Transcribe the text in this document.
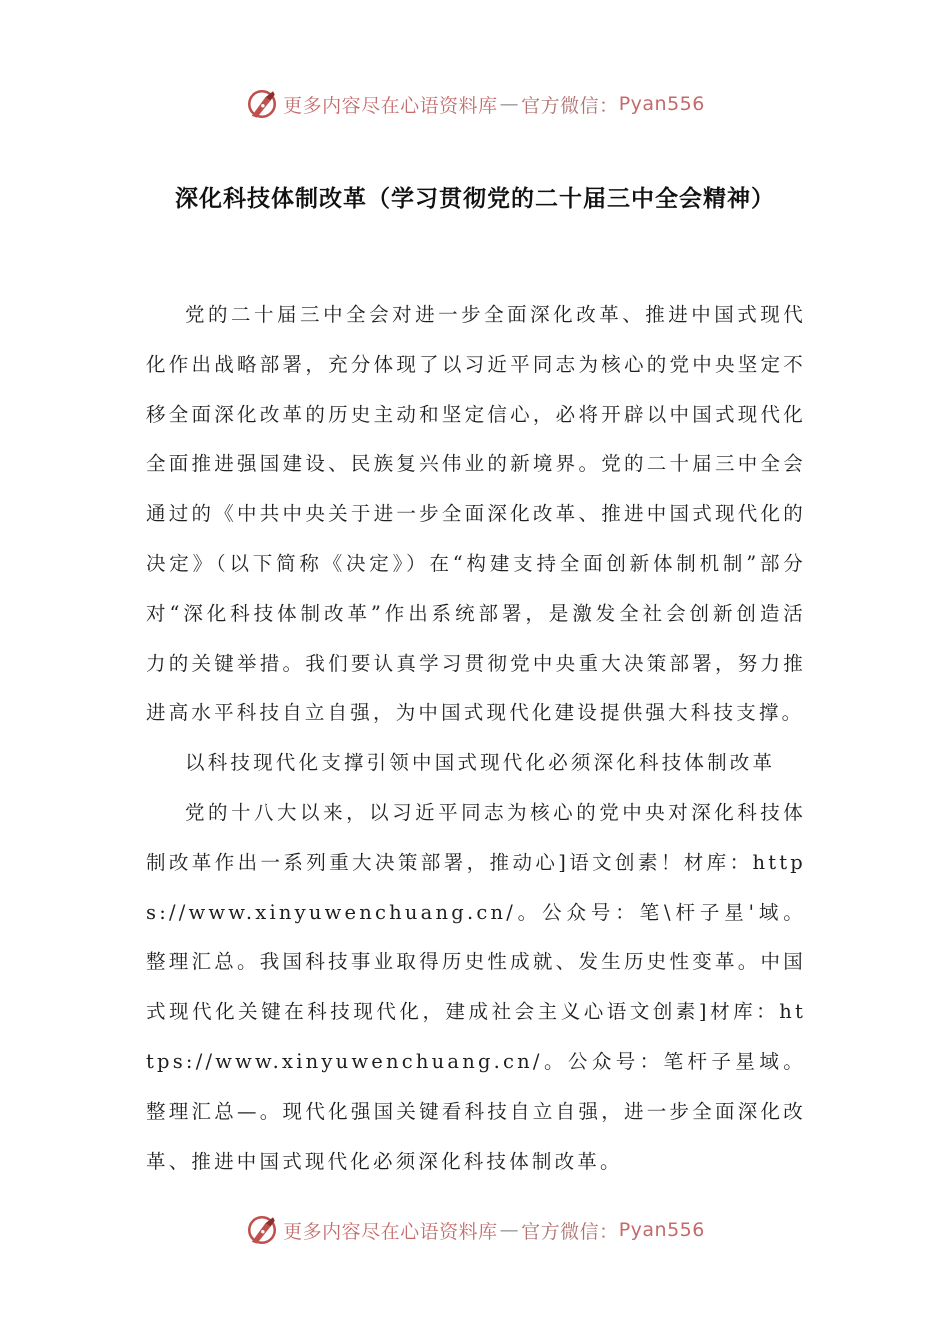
更多内容尽在心语资料库 — 官方微信： Pyan556
深化科技体制改革（学习贯彻党的二十届三中全会精神）

党的二十届三中全会对进一步全面深化改革、推进中国式现代化作出战略部署，充分体现了以习近平同志为核心的党中央坚定不移全面深化改革的历史主动和坚定信心，必将开辟以中国式现代化全面推进强国建设、民族复兴伟业的新境界。党的二十届三中全会通过的《中共中央关于进一步全面深化改革、推进中国式现代化的决定》（以下简称《决定》）在“构建支持全面创新体制机制”部分对“深化科技体制改革”作出系统部署，是激发全社会创新创造活力的关键举措。我们要认真学习贯彻党中央重大决策部署，努力推进高水平科技自立自强，为中国式现代化建设提供强大科技支撑。

以科技现代化支撑引领中国式现代化必须深化科技体制改革

党的十八大以来，以习近平同志为核心的党中央对深化科技体制改革作出一系列重大决策部署，推动心]语文创素！材库：https://www.xinyuwenchuang.cn/。公众号：笔\杆子星'域。整理汇总。我国科技事业取得历史性成就、发生历史性变革。中国式现代化关键在科技现代化，建成社会主义心语文创素]材库：https://www.xinyuwenchuang.cn/。公众号：笔杆子星域。整理汇总—。现代化强国关键看科技自立自强，进一步全面深化改革、推进中国式现代化必须深化科技体制改革。

更多内容尽在心语资料库 — 官方微信： Pyan556
